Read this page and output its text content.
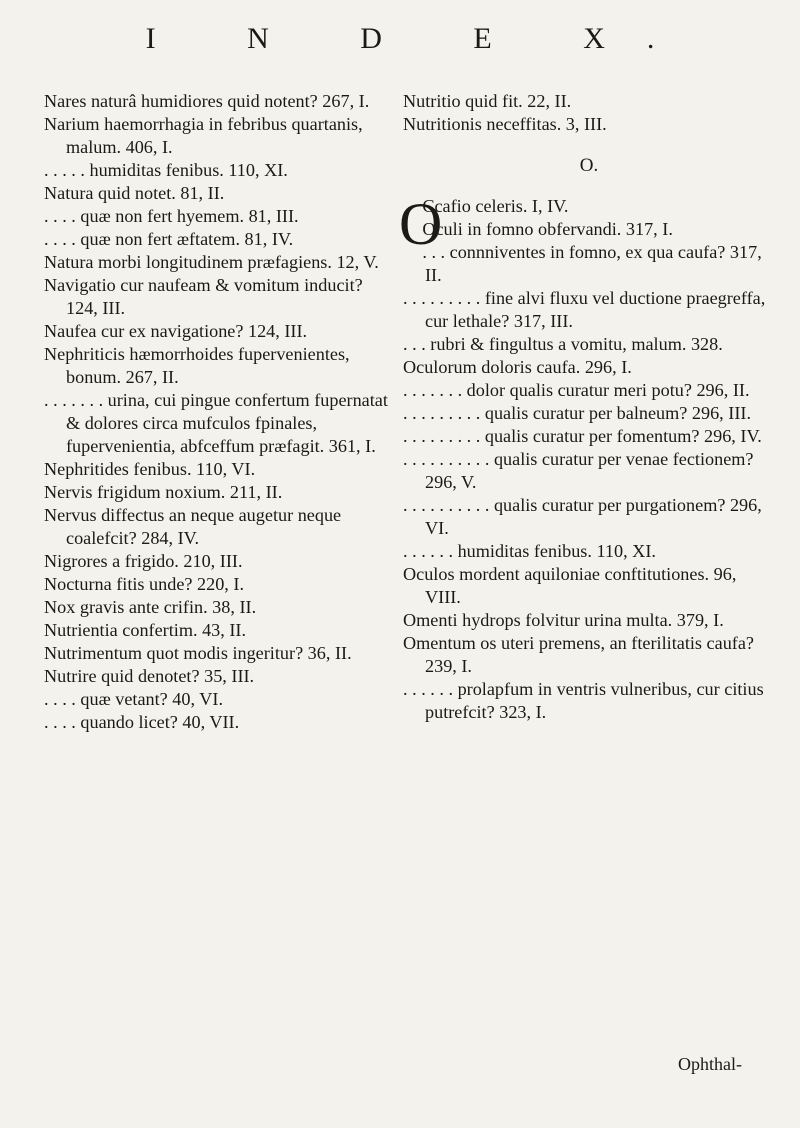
I N D E X.

Nares naturâ humidiores quid notent? 267, I.

Narium haemorrhagia in febribus quartanis, malum. 406, I.

. . . . . humiditas fenibus. 110, XI.

Natura quid notet. 81, II.

. . . . quæ non fert hyemem. 81, III.

. . . . quæ non fert æftatem. 81, IV.

Natura morbi longitudinem præfagiens. 12, V.

Navigatio cur naufeam & vomitum inducit? 124, III.

Naufea cur ex navigatione? 124, III.

Nephriticis hæmorrhoides fupervenientes, bonum. 267, II.

. . . . . . . urina, cui pingue confertum fupernatat & dolores circa mufculos fpinales, fupervenientia, abfceffum præfagit. 361, I.

Nephritides fenibus. 110, VI.

Nervis frigidum noxium. 211, II.

Nervus diffectus an neque augetur neque coalefcit? 284, IV.

Nigrores a frigido. 210, III.

Nocturna fitis unde? 220, I.

Nox gravis ante crifin. 38, II.

Nutrientia confertim. 43, II.

Nutrimentum quot modis ingeritur? 36, II.

Nutrire quid denotet? 35, III.

. . . . quæ vetant? 40, VI.

. . . . quando licet? 40, VII.

Nutritio quid fit. 22, II.

Nutritionis neceffitas. 3, III.

O.
O

Ccafio celeris. I, IV.

Oculi in fomno obfervandi. 317, I.

. . . connniventes in fomno, ex qua caufa? 317, II.

. . . . . . . . . fine alvi fluxu vel ductione praegreffa, cur lethale? 317, III.

. . . rubri & fingultus a vomitu, malum. 328.

Oculorum doloris caufa. 296, I.

. . . . . . . dolor qualis curatur meri potu? 296, II.

. . . . . . . . . qualis curatur per balneum? 296, III.

. . . . . . . . . qualis curatur per fomentum? 296, IV.

. . . . . . . . . . qualis curatur per venae fectionem? 296, V.

. . . . . . . . . . qualis curatur per purgationem? 296, VI.

. . . . . . humiditas fenibus. 110, XI.

Oculos mordent aquiloniae conftitutiones. 96, VIII.

Omenti hydrops folvitur urina multa. 379, I.

Omentum os uteri premens, an fterilitatis caufa? 239, I.

. . . . . . prolapfum in ventris vulneribus, cur citius putrefcit? 323, I.

Ophthal-
